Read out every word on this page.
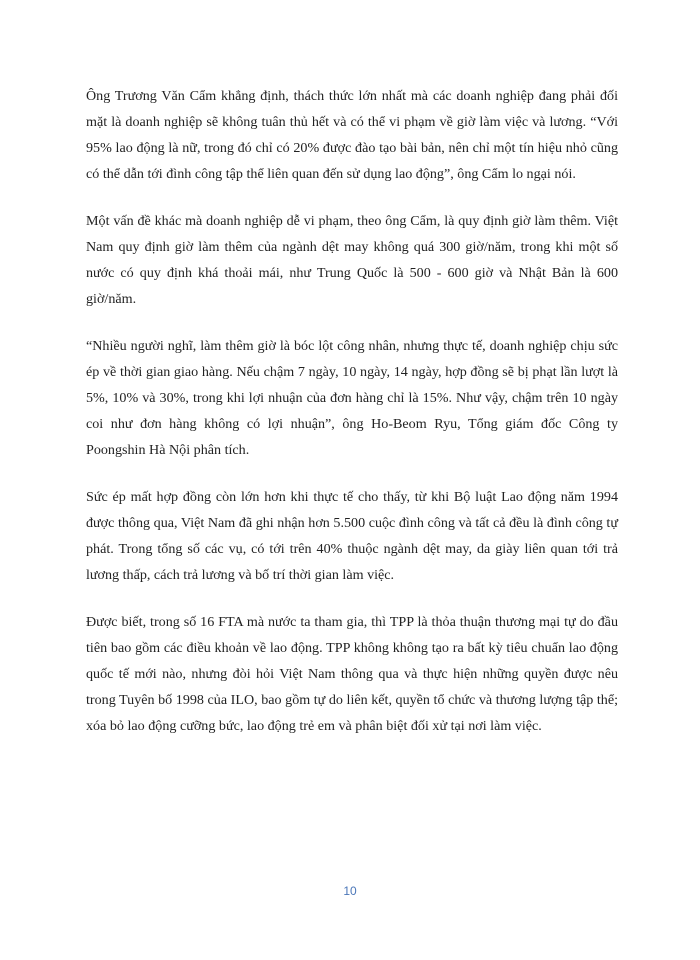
Ông Trương Văn Cẩm khẳng định, thách thức lớn nhất mà các doanh nghiệp đang phải đối mặt là doanh nghiệp sẽ không tuân thủ hết và có thể vi phạm về giờ làm việc và lương. “Với 95% lao động là nữ, trong đó chỉ có 20% được đào tạo bài bản, nên chỉ một tín hiệu nhỏ cũng có thể dẫn tới đình công tập thể liên quan đến sử dụng lao động”, ông Cẩm lo ngại nói.

Một vấn đề khác mà doanh nghiệp dễ vi phạm, theo ông Cẩm, là quy định giờ làm thêm. Việt Nam quy định giờ làm thêm của ngành dệt may không quá 300 giờ/năm, trong khi một số nước có quy định khá thoải mái, như Trung Quốc là 500 - 600 giờ và Nhật Bản là 600 giờ/năm.

“Nhiều người nghĩ, làm thêm giờ là bóc lột công nhân, nhưng thực tế, doanh nghiệp chịu sức ép về thời gian giao hàng. Nếu chậm 7 ngày, 10 ngày, 14 ngày, hợp đồng sẽ bị phạt lần lượt là 5%, 10% và 30%, trong khi lợi nhuận của đơn hàng chỉ là 15%. Như vậy, chậm trên 10 ngày coi như đơn hàng không có lợi nhuận”, ông Ho-Beom Ryu, Tổng giám đốc Công ty Poongshin Hà Nội phân tích.

Sức ép mất hợp đồng còn lớn hơn khi thực tế cho thấy, từ khi Bộ luật Lao động năm 1994 được thông qua, Việt Nam đã ghi nhận hơn 5.500 cuộc đình công và tất cả đều là đình công tự phát. Trong tổng số các vụ, có tới trên 40% thuộc ngành dệt may, da giày liên quan tới trả lương thấp, cách trả lương và bố trí thời gian làm việc.

Được biết, trong số 16 FTA mà nước ta tham gia, thì TPP là thỏa thuận thương mại tự do đầu tiên bao gồm các điều khoản về lao động. TPP không không tạo ra bất kỳ tiêu chuẩn lao động quốc tế mới nào, nhưng đòi hỏi Việt Nam thông qua và thực hiện những quyền được nêu trong Tuyên bố 1998 của ILO, bao gồm tự do liên kết, quyền tổ chức và thương lượng tập thể; xóa bỏ lao động cưỡng bức, lao động trẻ em và phân biệt đối xử tại nơi làm việc.

10
